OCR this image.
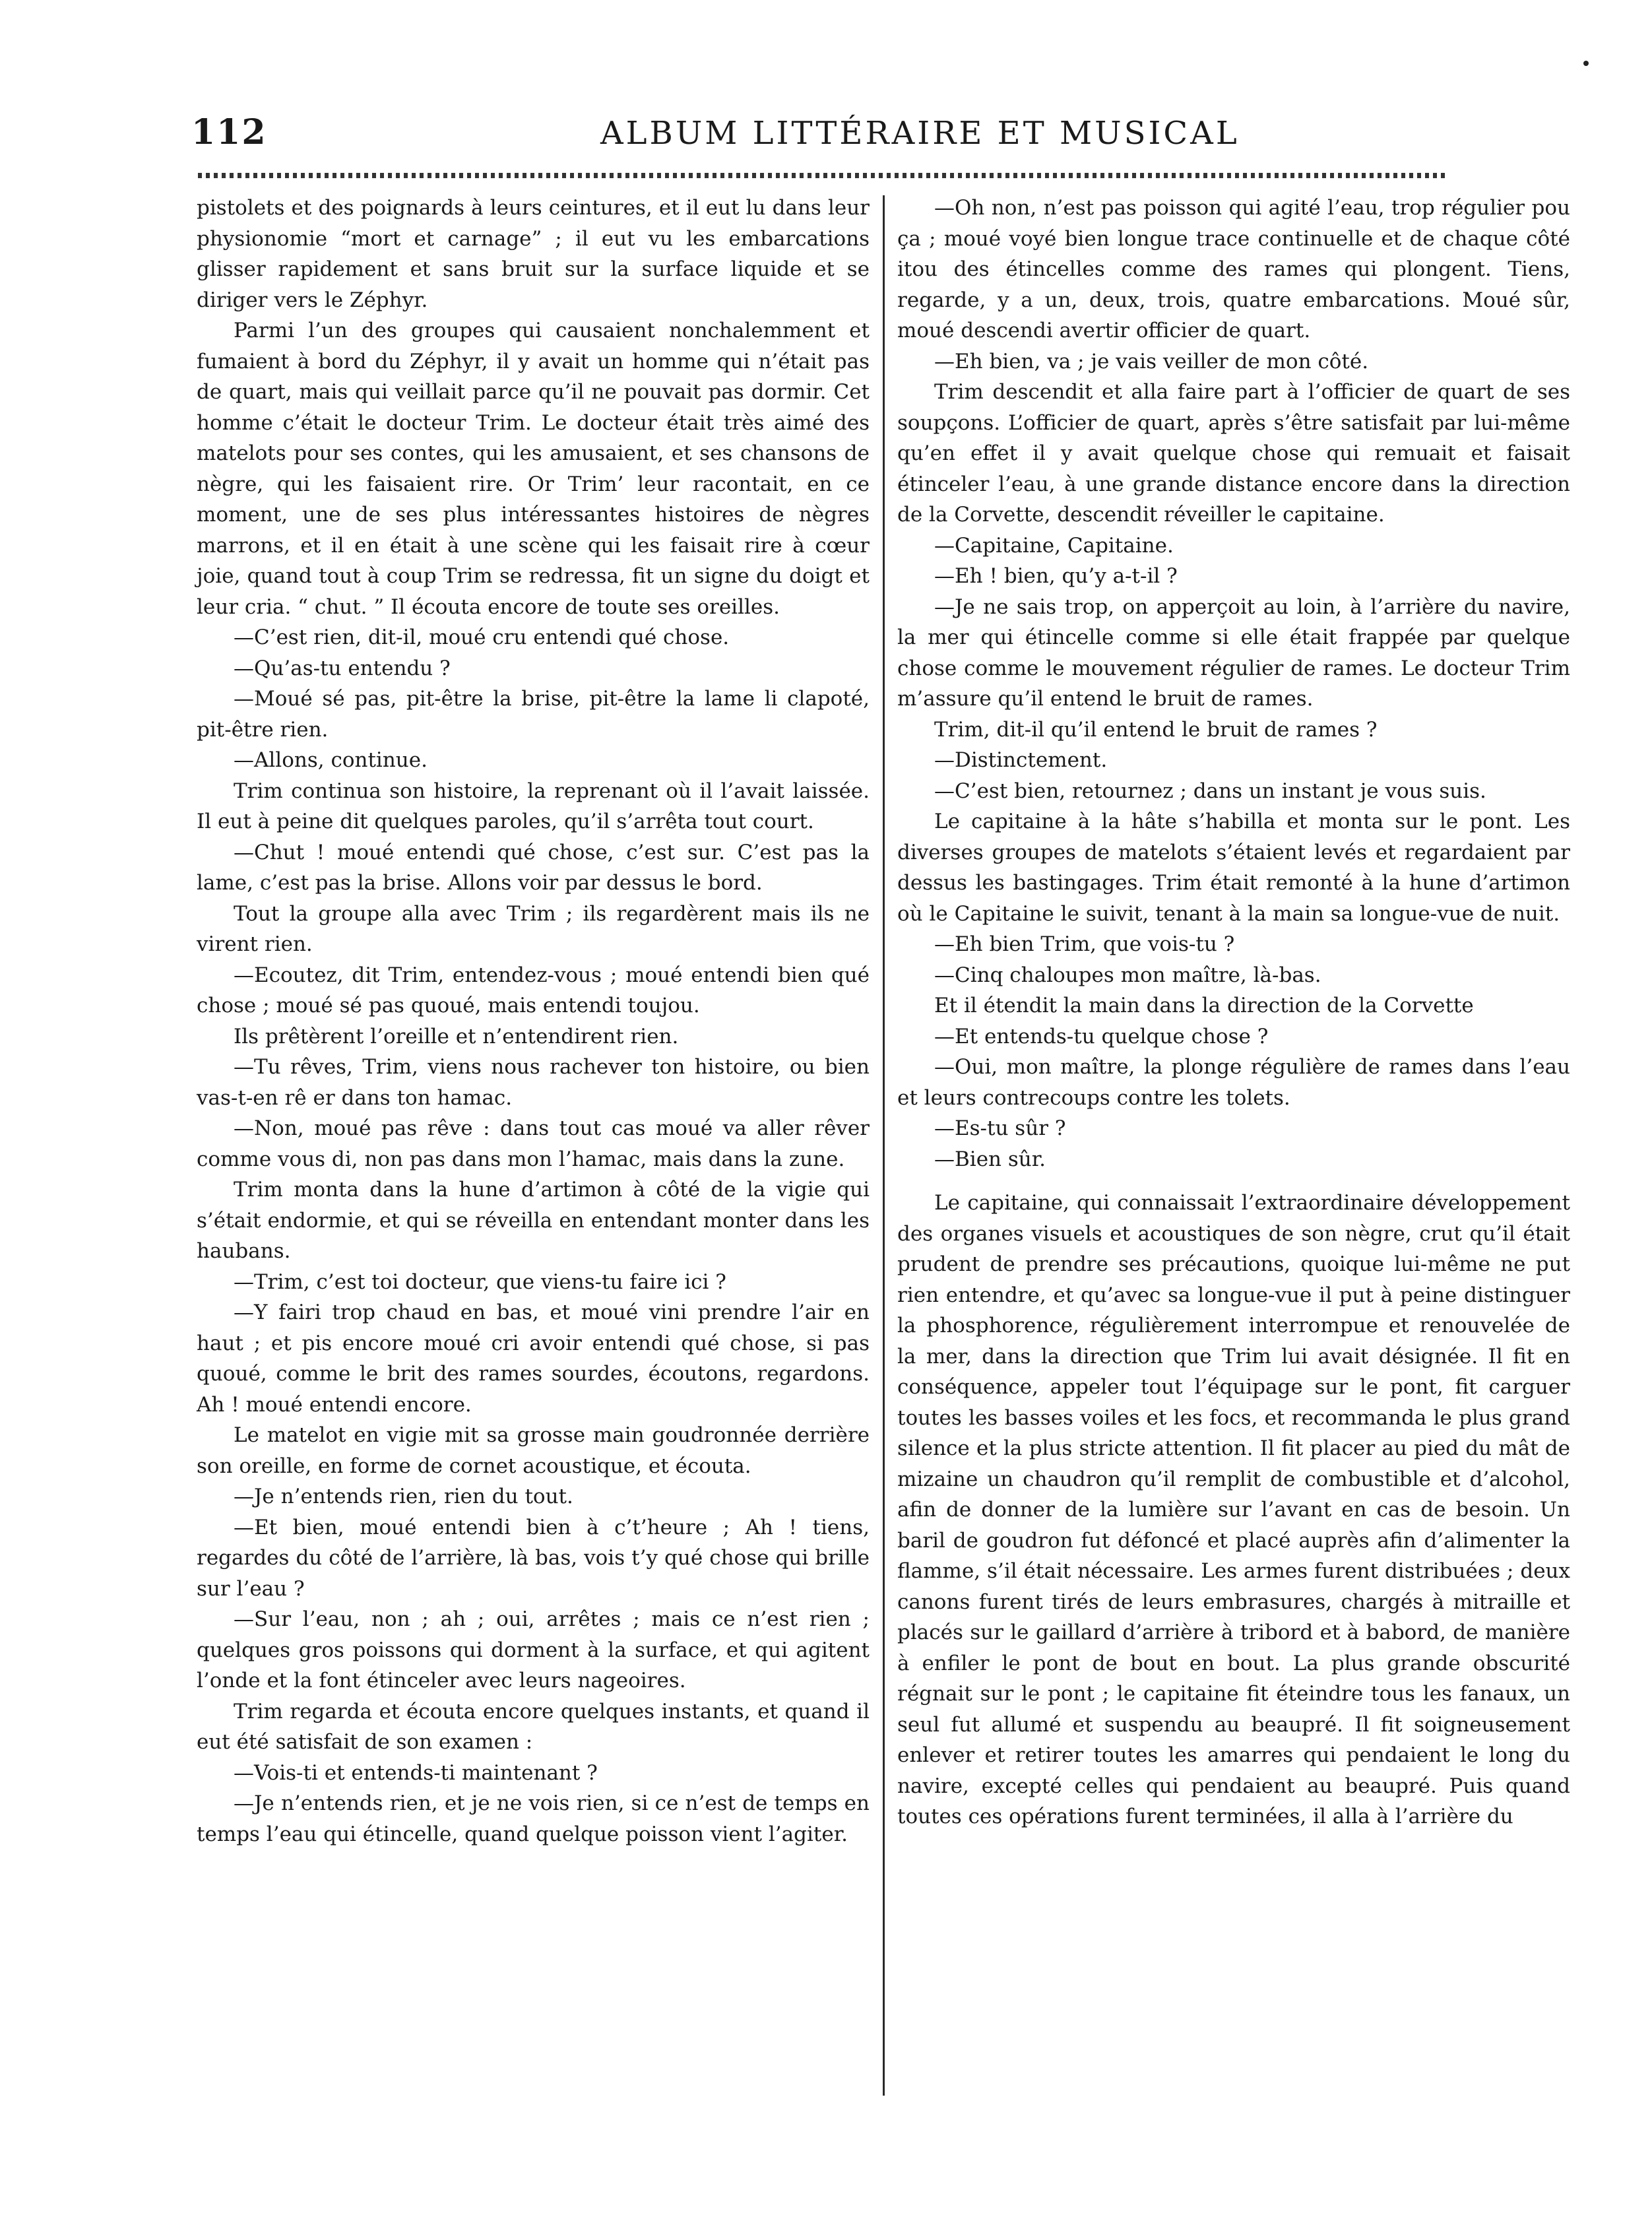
112	ALBUM LITTÉRAIRE ET MUSICAL

pistolets et des poignards à leurs ceintures, et il eut lu dans leur physionomie “mort et carnage” ; il eut vu les embarcations glisser rapidement et sans bruit sur la surface liquide et se diriger vers le Zéphyr.

Parmi l’un des groupes qui causaient nonchalemment et fumaient à bord du Zéphyr, il y avait un homme qui n’était pas de quart, mais qui veillait parce qu’il ne pouvait pas dormir. Cet homme c’était le docteur Trim. Le docteur était très aimé des matelots pour ses contes, qui les amusaient, et ses chansons de nègre, qui les faisaient rire. Or Trim’ leur racontait, en ce moment, une de ses plus intéressantes histoires de nègres marrons, et il en était à une scène qui les faisait rire à cœur joie, quand tout à coup Trim se redressa, fit un signe du doigt et leur cria. “ chut. ” Il écouta encore de toute ses oreilles.

—C’est rien, dit-il, moué cru entendi qué chose.

—Qu’as-tu entendu ?

—Moué sé pas, pit-être la brise, pit-être la lame li clapoté, pit-être rien.

—Allons, continue.

Trim continua son histoire, la reprenant où il l’avait laissée. Il eut à peine dit quelques paroles, qu’il s’arrêta tout court.

—Chut ! moué entendi qué chose, c’est sur. C’est pas la lame, c’est pas la brise. Allons voir par dessus le bord.

Tout la groupe alla avec Trim ; ils regardèrent mais ils ne virent rien.

—Ecoutez, dit Trim, entendez-vous ; moué entendi bien qué chose ; moué sé pas quoué, mais entendi toujou.

Ils prêtèrent l’oreille et n’entendirent rien.

—Tu rêves, Trim, viens nous rachever ton histoire, ou bien vas-t-en rê er dans ton hamac.

—Non, moué pas rêve : dans tout cas moué va aller rêver comme vous di, non pas dans mon l’hamac, mais dans la zune.

Trim monta dans la hune d’artimon à côté de la vigie qui s’était endormie, et qui se réveilla en entendant monter dans les haubans.

—Trim, c’est toi docteur, que viens-tu faire ici ?

—Y fairi trop chaud en bas, et moué vini prendre l’air en haut ; et pis encore moué cri avoir entendi qué chose, si pas quoué, comme le brit des rames sourdes, écoutons, regardons. Ah ! moué entendi encore.

Le matelot en vigie mit sa grosse main goudronnée derrière son oreille, en forme de cornet acoustique, et écouta.

—Je n’entends rien, rien du tout.

—Et bien, moué entendi bien à c’t’heure ; Ah ! tiens, regardes du côté de l’arrière, là bas, vois t’y qué chose qui brille sur l’eau ?

—Sur l’eau, non ; ah ; oui, arrêtes ; mais ce n’est rien ; quelques gros poissons qui dorment à la surface, et qui agitent l’onde et la font étinceler avec leurs nageoires.

Trim regarda et écouta encore quelques instants, et quand il eut été satisfait de son examen :

—Vois-ti et entends-ti maintenant ?

—Je n’entends rien, et je ne vois rien, si ce n’est de temps en temps l’eau qui étincelle, quand quelque poisson vient l’agiter.

—Oh non, n’est pas poisson qui agité l’eau, trop régulier pou ça ; moué voyé bien longue trace continuelle et de chaque côté itou des étincelles comme des rames qui plongent. Tiens, regarde, y a un, deux, trois, quatre embarcations. Moué sûr, moué descendi avertir officier de quart.

—Eh bien, va ; je vais veiller de mon côté.

Trim descendit et alla faire part à l’officier de quart de ses soupçons. L’officier de quart, après s’être satisfait par lui-même qu’en effet il y avait quelque chose qui remuait et faisait étinceler l’eau, à une grande distance encore dans la direction de la Corvette, descendit réveiller le capitaine.

—Capitaine, Capitaine.

—Eh ! bien, qu’y a-t-il ?

—Je ne sais trop, on apperçoit au loin, à l’arrière du navire, la mer qui étincelle comme si elle était frappée par quelque chose comme le mouvement régulier de rames. Le docteur Trim m’assure qu’il entend le bruit de rames.

Trim, dit-il qu’il entend le bruit de rames ?

—Distinctement.

—C’est bien, retournez ; dans un instant je vous suis.

Le capitaine à la hâte s’habilla et monta sur le pont. Les diverses groupes de matelots s’étaient levés et regardaient par dessus les bastingages. Trim était remonté à la hune d’artimon où le Capitaine le suivit, tenant à la main sa longue-vue de nuit.

—Eh bien Trim, que vois-tu ?

—Cinq chaloupes mon maître, là-bas.

Et il étendit la main dans la direction de la Corvette

—Et entends-tu quelque chose ?

—Oui, mon maître, la plonge régulière de rames dans l’eau et leurs contrecoups contre les tolets.

—Es-tu sûr ?

—Bien sûr.

Le capitaine, qui connaissait l’extraordinaire développement des organes visuels et acoustiques de son nègre, crut qu’il était prudent de prendre ses précautions, quoique lui-même ne put rien entendre, et qu’avec sa longue-vue il put à peine distinguer la phosphorence, régulièrement interrompue et renouvelée de la mer, dans la direction que Trim lui avait désignée. Il fit en conséquence, appeler tout l’équipage sur le pont, fit carguer toutes les basses voiles et les focs, et recommanda le plus grand silence et la plus stricte attention. Il fit placer au pied du mât de mizaine un chaudron qu’il remplit de combustible et d’alcohol, afin de donner de la lumière sur l’avant en cas de besoin. Un baril de goudron fut défoncé et placé auprès afin d’alimenter la flamme, s’il était nécessaire. Les armes furent distribuées ; deux canons furent tirés de leurs embrasures, chargés à mitraille et placés sur le gaillard d’arrière à tribord et à babord, de manière à enfiler le pont de bout en bout. La plus grande obscurité régnait sur le pont ; le capitaine fit éteindre tous les fanaux, un seul fut allumé et suspendu au beaupré. Il fit soigneusement enlever et retirer toutes les amarres qui pendaient le long du navire, excepté celles qui pendaient au beaupré. Puis quand toutes ces opérations furent terminées, il alla à l’arrière du
